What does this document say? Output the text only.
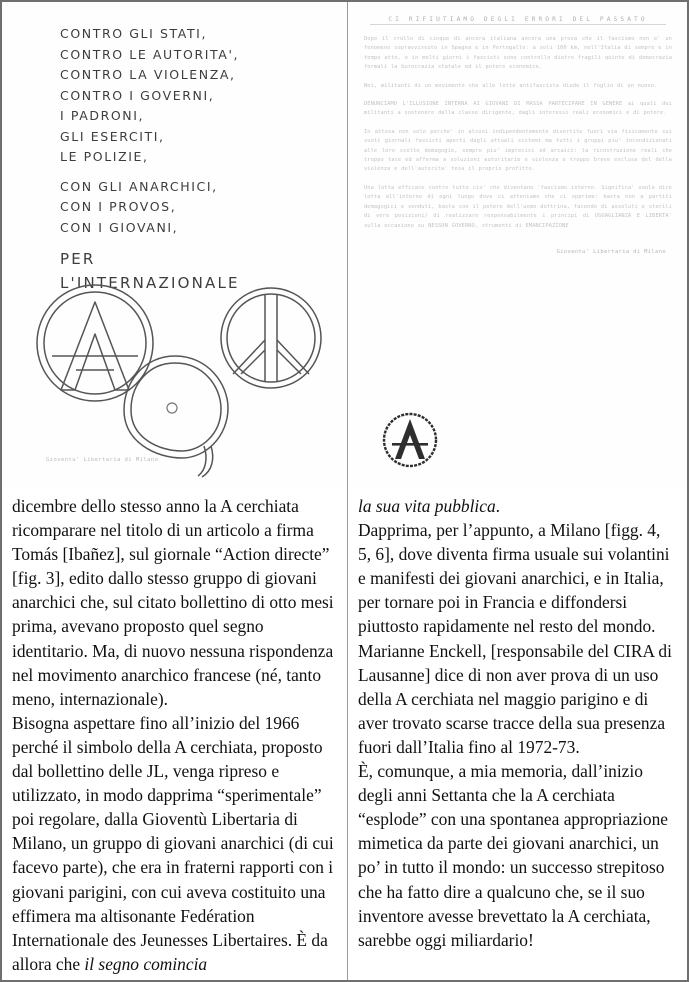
CONTRO GLI STATI,
CONTRO LE AUTORITA',
CONTRO LA VIOLENZA,
CONTRO I GOVERNI,
I PADRONI,
GLI ESERCITI,
LE POLIZIE,
CON GLI ANARCHICI,
CON I PROVOS,
CON I GIOVANI,
PER
L'INTERNAZIONALE
Gioventu' Libertaria di Milano
CI RIFIUTIAMO DEGLI ERRORI DEL PASSATO

Dopo il crollo di cinque di ancora italiana ancora una prova che il fascismo non e' un fenomeno sopravvissuto in Spagna e in Portogallo: a soli 100 km, nell'Italia di sempre e in tempo atto, e in molti giorni i fascisti sono controllo dietro fragili quinte di democrazia formali la burocrazia statale ed il potere economico.

Noi, militanti di un movimento che alle lotte antifascista diede il foglio di un nuovo.

DENUNCIAMO L'ILLUSIONE INTERNA AI GIOVANI DI MASSA PARTECIPARE IN GENERE ai quali dei militanti a sostenere dalla classe dirigente, dagli interessi reali economici e di potere.

In attesa non solo perche' in alcuni indipendentemente divertite fuori via fisicamente sui vuoti giornali fascisti aperti dagli attuali sistemi ma tutti i gruppi piu' incondizionati alle loro scelte demagogie, sempre piu' imprecisi ed arcaici: la ricostruzione reali che troppo tace ed afferma a soluzioni autoritarie e violenza e troppo breve esclusa del della violenza e dell'autorita' tesa il proprio profitto.

Una lotta efficace contro tutto cio' che diventano 'fascismo interno. Significa' vuole dire lotta all'interno di ogni luogo dove ci atteniamo che ci opprime: basta non a partiti demagogici e venduti, basta con il potere dell'uomo dottrina, facendo di assoluti e sterili di vere posizioni/ di realizzare responsabilmente i principi di UGUAGLIANZA E LIBERTA' sulla occasione su NESSUN GOVERNO, strumenti di EMANCIPAZIONE

Gioventu' Libertaria di Milano

dicembre dello stesso anno la A cerchiata ricomparare nel titolo di un articolo a firma Tomás [Ibañez], sul giornale “Action directe” [fig. 3], edito dallo stesso gruppo di giovani anarchici che, sul citato bollettino di otto mesi prima, avevano proposto quel segno identitario. Ma, di nuovo nessuna rispondenza nel movimento anarchico francese (né, tanto meno, internazionale).

Bisogna aspettare fino all’inizio del 1966 perché il simbolo della A cerchiata, proposto dal bollettino delle JL, venga ripreso e utilizzato, in modo dapprima “sperimentale” poi regolare, dalla Gioventù Libertaria di Milano, un gruppo di giovani anarchici (di cui facevo parte), che era in fraterni rapporti con i giovani parigini, con cui aveva costituito una effimera ma altisonante Fedération Internationale des Jeunesses Libertaires. È da allora che il segno comincia

la sua vita pubblica.

Dapprima, per l’appunto, a Milano [figg. 4, 5, 6], dove diventa firma usuale sui volantini e manifesti dei giovani anarchici, e in Italia, per tornare poi in Francia e diffondersi piuttosto rapidamente nel resto del mondo. Marianne Enckell, [responsabile del CIRA di Lausanne] dice di non aver prova di un uso della A cerchiata nel maggio parigino e di aver trovato scarse tracce della sua presenza fuori dall’Italia fino al 1972-73.

È, comunque, a mia memoria, dall’inizio degli anni Settanta che la A cerchiata “esplode” con una spontanea appropriazione mimetica da parte dei giovani anarchici, un po’ in tutto il mondo: un successo strepitoso che ha fatto dire a qualcuno che, se il suo inventore avesse brevettato la A cerchiata, sarebbe oggi miliardario!
